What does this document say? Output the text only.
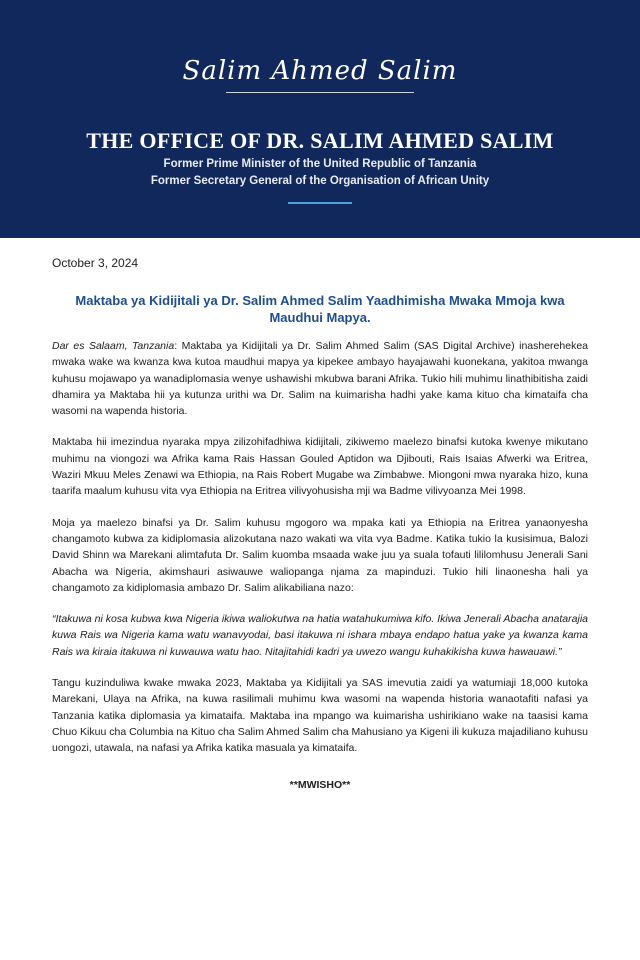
Salim Ahmed Salim
THE OFFICE OF DR. SALIM AHMED SALIM
Former Prime Minister of the United Republic of Tanzania
Former Secretary General of the Organisation of African Unity
October 3, 2024
Maktaba ya Kidijitali ya Dr. Salim Ahmed Salim Yaadhimisha Mwaka Mmoja kwa Maudhui Mapya.

Dar es Salaam, Tanzania: Maktaba ya Kidijitali ya Dr. Salim Ahmed Salim (SAS Digital Archive) inasherehekea mwaka wake wa kwanza kwa kutoa maudhui mapya ya kipekee ambayo hayajawahi kuonekana, yakitoa mwanga kuhusu mojawapo ya wanadiplomasia wenye ushawishi mkubwa barani Afrika. Tukio hili muhimu linathibitisha zaidi dhamira ya Maktaba hii ya kutunza urithi wa Dr. Salim na kuimarisha hadhi yake kama kituo cha kimataifa cha wasomi na wapenda historia.

Maktaba hii imezindua nyaraka mpya zilizohifadhiwa kidijitali, zikiwemo maelezo binafsi kutoka kwenye mikutano muhimu na viongozi wa Afrika kama Rais Hassan Gouled Aptidon wa Djibouti, Rais Isaias Afwerki wa Eritrea, Waziri Mkuu Meles Zenawi wa Ethiopia, na Rais Robert Mugabe wa Zimbabwe. Miongoni mwa nyaraka hizo, kuna taarifa maalum kuhusu vita vya Ethiopia na Eritrea vilivyohusisha mji wa Badme vilivyoanza Mei 1998.

Moja ya maelezo binafsi ya Dr. Salim kuhusu mgogoro wa mpaka kati ya Ethiopia na Eritrea yanaonyesha changamoto kubwa za kidiplomasia alizokutana nazo wakati wa vita vya Badme. Katika tukio la kusisimua, Balozi David Shinn wa Marekani alimtafuta Dr. Salim kuomba msaada wake juu ya suala tofauti lililomhusu Jenerali Sani Abacha wa Nigeria, akimshauri asiwauwe waliopanga njama za mapinduzi. Tukio hili linaonesha hali ya changamoto za kidiplomasia ambazo Dr. Salim alikabiliana nazo:

“Itakuwa ni kosa kubwa kwa Nigeria ikiwa waliokutwa na hatia watahukumiwa kifo. Ikiwa Jenerali Abacha anatarajia kuwa Rais wa Nigeria kama watu wanavyodai, basi itakuwa ni ishara mbaya endapo hatua yake ya kwanza kama Rais wa kiraia itakuwa ni kuwauwa watu hao. Nitajitahidi kadri ya uwezo wangu kuhakikisha kuwa hawauawi.”

Tangu kuzinduliwa kwake mwaka 2023, Maktaba ya Kidijitali ya SAS imevutia zaidi ya watumiaji 18,000 kutoka Marekani, Ulaya na Afrika, na kuwa rasilimali muhimu kwa wasomi na wapenda historia wanaotafiti nafasi ya Tanzania katika diplomasia ya kimataifa. Maktaba ina mpango wa kuimarisha ushirikiano wake na taasisi kama Chuo Kikuu cha Columbia na Kituo cha Salim Ahmed Salim cha Mahusiano ya Kigeni ili kukuza majadiliano kuhusu uongozi, utawala, na nafasi ya Afrika katika masuala ya kimataifa.

**MWISHO**
